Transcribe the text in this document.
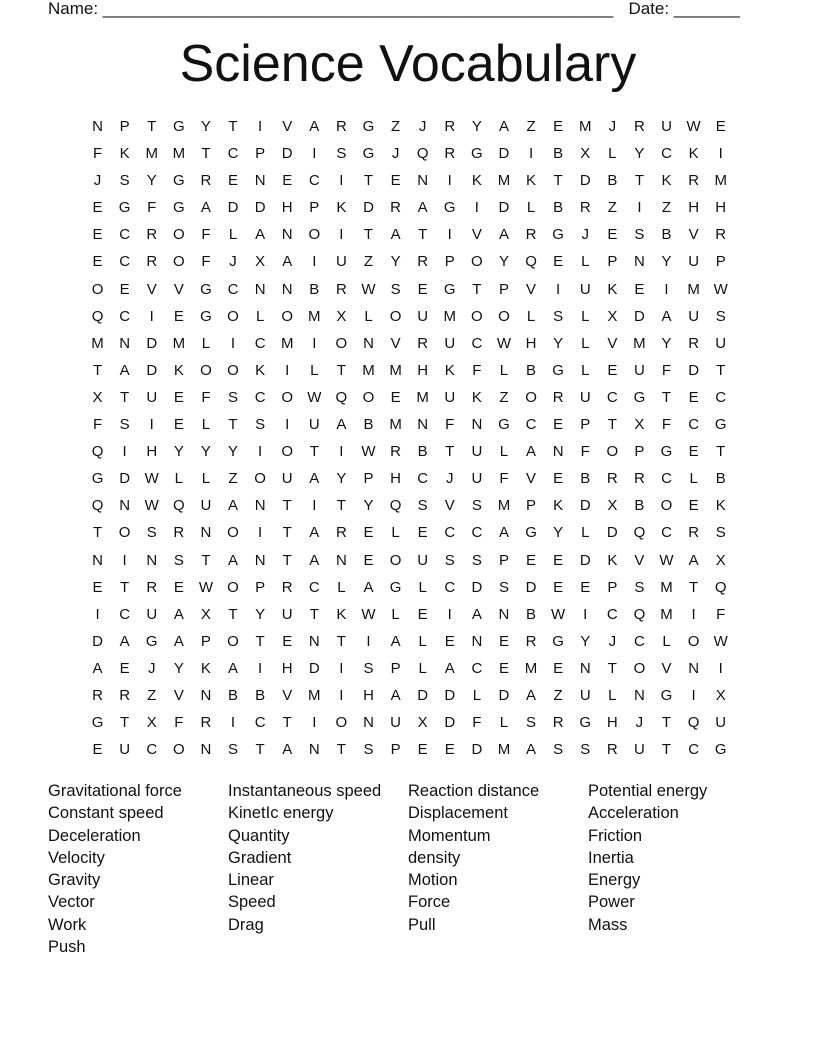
Name: ______________________________________________________ Date: _______
Science Vocabulary
N	P	T	G	Y	T	I	V	A	R	G	Z	J	R	Y	A	Z	E	M	J	R	U W	E
F	K	M M	T	C	P	D	I	S	G	J	Q	R	G	D	I	B	X	L	Y	C	K	I
J	S	Y	G	R	E	N	E	C	I	T	E	N	I	K	M	K	T	D	B	T	K	R	M
E	G	F	G	A	D	D	H	P	K	D	R	A	G	I	D	L	B	R	Z	I	Z	H	H
E	C	R	O	F	L	A	N	O	I	T	A	T	I	V	A	R	G	J	E	S	B	V	R
E	C	R	O	F	J	X	A	I	U	Z	Y	R	P	O	Y	Q	E	L	P	N	Y	U	P
O	E	V	V	G	C	N	N	B	R W	S	E	G	T	P	V	I	U	K	E	I	M W
Q	C	I	E	G	O	L	O	M	X	L	O	U	M	O	O	L	S	L	X	D	A	U	S
M	N	D	M	L	I	C	M	I	O	N	V	R	U	C W H	Y	L	V	M	Y	R	U
T	A	D	K	O	O	K	I	L	T	M M	H	K	F	L	B	G	L	E	U	F	D	T
X	T	U	E	F	S	C	O W Q	O	E	M	U	K	Z	O	R	U	C	G	T	E	C
F	S	I	E	L	T	S	I	U	A	B	M	N	F	N	G	C	E	P	T	X	F	C	G
Q	I	H	Y	Y	Y	I	O	T	I	W R	B	T	U	L	A	N	F	O	P	G	E	T
G	D W	L	L	Z	O	U	A	Y	P	H	C	J	U	F	V	E	B	R	R	C	L	B
Q	N W Q	U	A	N	T	I	T	Y	Q	S	V	S	M	P	K	D	X	B	O	E	K
T	O	S	R	N	O	I	T	A	R	E	L	E	C	C	A	G	Y	L	D	Q	C	R	S
N	I	N	S	T	A	N	T	A	N	E	O	U	S	S	P	E	E	D	K	V	W	A	X
E	T	R	E	W O	P	R	C	L	A	G	L	C	D	S	D	E	E	P	S	M	T	Q
I	C	U	A	X	T	Y	U	T	K	W	L	E	I	A	N	B	W	I	C	Q	M	I	F
D	A	G	A	P	O	T	E	N	T	I	A	L	E	N	E	R	G	Y	J	C	L	O W
A	E	J	Y	K	A	I	H	D	I	S	P	L	A	C	E	M	E	N	T	O	V	N	I
R	R	Z	V	N	B	B	V	M	I	H	A	D	D	L	D	A	Z	U	L	N	G	I	X
G	T	X	F	R	I	C	T	I	O	N	U	X	D	F	L	S	R	G	H	J	T	Q	U
E	U	C	O	N	S	T	A	N	T	S	P	E	E	D	M	A	S	S	R	U	T	C	G
Gravitational force
Constant speed
Deceleration
Velocity
Gravity
Vector
Work
Push
Instantaneous speed
KinetIc energy
Quantity
Gradient
Linear
Speed
Drag
Reaction distance
Displacement
Momentum
density
Motion
Force
Pull
Potential energy
Acceleration
Friction
Inertia
Energy
Power
Mass
